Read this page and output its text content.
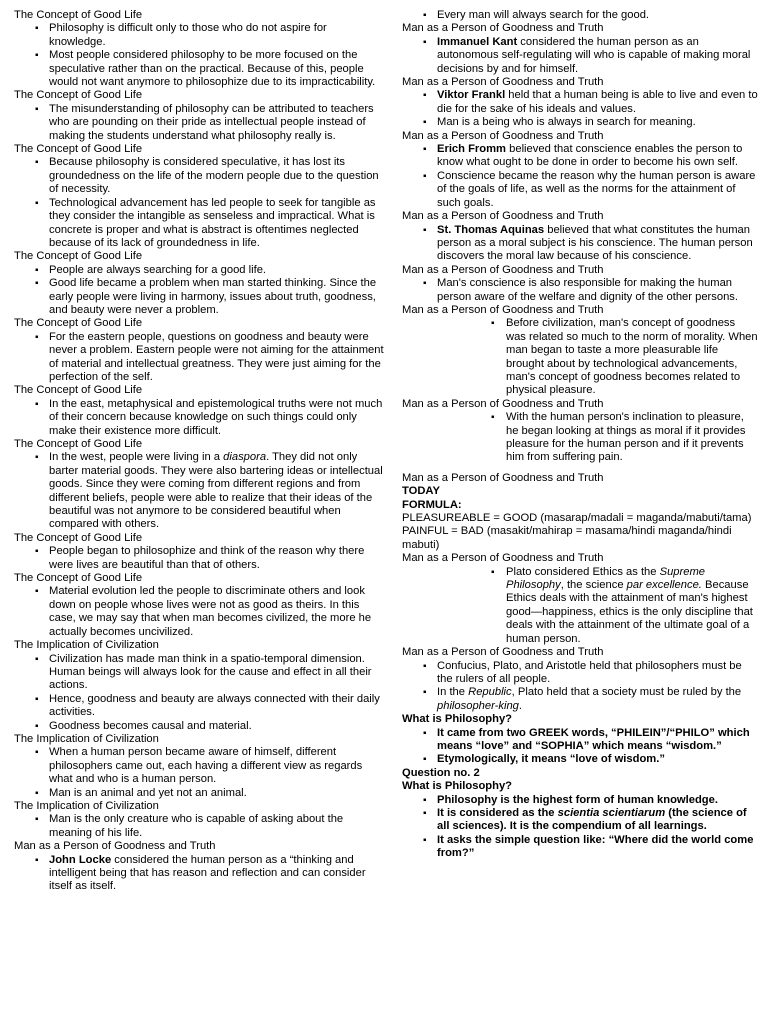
The Concept of Good Life

▪ Philosophy is difficult only to those who do not aspire for knowledge.
▪ Most people considered philosophy to be more focused on the speculative rather than on the practical. Because of this, people would not want anymore to philosophize due to its impracticability.

The Concept of Good Life

▪ The misunderstanding of philosophy can be attributed to teachers who are pounding on their pride as intellectual people instead of making the students understand what philosophy really is.

The Concept of Good Life

▪ Because philosophy is considered speculative, it has lost its groundedness on the life of the modern people due to the question of necessity.
▪ Technological advancement has led people to seek for tangible as they consider the intangible as senseless and impractical. What is concrete is proper and what is abstract is oftentimes neglected because of its lack of groundedness in life.

The Concept of Good Life

▪ People are always searching for a good life.
▪ Good life became a problem when man started thinking. Since the early people were living in harmony, issues about truth, goodness, and beauty were never a problem.

The Concept of Good Life

▪ For the eastern people, questions on goodness and beauty were never a problem. Eastern people were not aiming for the attainment of material and intellectual greatness. They were just aiming for the perfection of the self.

The Concept of Good Life

▪ In the east, metaphysical and epistemological truths were not much of their concern because knowledge on such things could only make their existence more difficult.

The Concept of Good Life

▪ In the west, people were living in a diaspora. They did not only barter material goods. They were also bartering ideas or intellectual goods. Since they were coming from different regions and from different beliefs, people were able to realize that their ideas of the beautiful was not anymore to be considered beautiful when compared with others.

The Concept of Good Life

▪ People began to philosophize and think of the reason why there were lives are beautiful than that of others.

The Concept of Good Life

▪ Material evolution led the people to discriminate others and look down on people whose lives were not as good as theirs. In this case, we may say that when man becomes civilized, the more he actually becomes uncivilized.

The Implication of Civilization

▪ Civilization has made man think in a spatio-temporal dimension. Human beings will always look for the cause and effect in all their actions.
▪ Hence, goodness and beauty are always connected with their daily activities.
▪ Goodness becomes causal and material.

The Implication of Civilization

▪ When a human person became aware of himself, different philosophers came out, each having a different view as regards what and who is a human person.
▪ Man is an animal and yet not an animal.

The Implication of Civilization

▪ Man is the only creature who is capable of asking about the meaning of his life.

Man as a Person of Goodness and Truth

▪ John Locke considered the human person as a “thinking and intelligent being that has reason and reflection and can consider itself as itself.
▪ Every man will always search for the good.

Man as a Person of Goodness and Truth

▪ Immanuel Kant considered the human person as an autonomous self-regulating will who is capable of making moral decisions by and for himself.

Man as a Person of Goodness and Truth

▪ Viktor Frankl held that a human being is able to live and even to die for the sake of his ideals and values.
▪ Man is a being who is always in search for meaning.

Man as a Person of Goodness and Truth

▪ Erich Fromm believed that conscience enables the person to know what ought to be done in order to become his own self.
▪ Conscience became the reason why the human person is aware of the goals of life, as well as the norms for the attainment of such goals.

Man as a Person of Goodness and Truth

▪ St. Thomas Aquinas believed that what constitutes the human person as a moral subject is his conscience. The human person discovers the moral law because of his conscience.

Man as a Person of Goodness and Truth

▪ Man's conscience is also responsible for making the human person aware of the welfare and dignity of the other persons.

Man as a Person of Goodness and Truth

▪ Before civilization, man's concept of goodness was related so much to the norm of morality. When man began to taste a more pleasurable life brought about by technological advancements, man's concept of goodness becomes related to physical pleasure.

Man as a Person of Goodness and Truth

▪ With the human person's inclination to pleasure, he began looking at things as moral if it provides pleasure for the human person and if it prevents him from suffering pain.

Man as a Person of Goodness and Truth

TODAY

FORMULA:

PLEASUREABLE = GOOD (masarap/madali = maganda/mabuti/tama)

PAINFUL = BAD (masakit/mahirap = masama/hindi maganda/hindi mabuti)

Man as a Person of Goodness and Truth

▪ Plato considered Ethics as the Supreme Philosophy, the science par excellence. Because Ethics deals with the attainment of man's highest good—happiness, ethics is the only discipline that deals with the attainment of the ultimate goal of a human person.

Man as a Person of Goodness and Truth

▪ Confucius, Plato, and Aristotle held that philosophers must be the rulers of all people.
▪ In the Republic, Plato held that a society must be ruled by the philosopher-king.

What is Philosophy?

▪ It came from two GREEK words, “PHILEIN”/“PHILO” which means “love” and “SOPHIA” which means “wisdom.”
▪ Etymologically, it means “love of wisdom.”

Question no. 2

What is Philosophy?

▪ Philosophy is the highest form of human knowledge.
▪ It is considered as the scientia scientiarum (the science of all sciences). It is the compendium of all learnings.
▪ It asks the simple question like: “Where did the world come from?”
